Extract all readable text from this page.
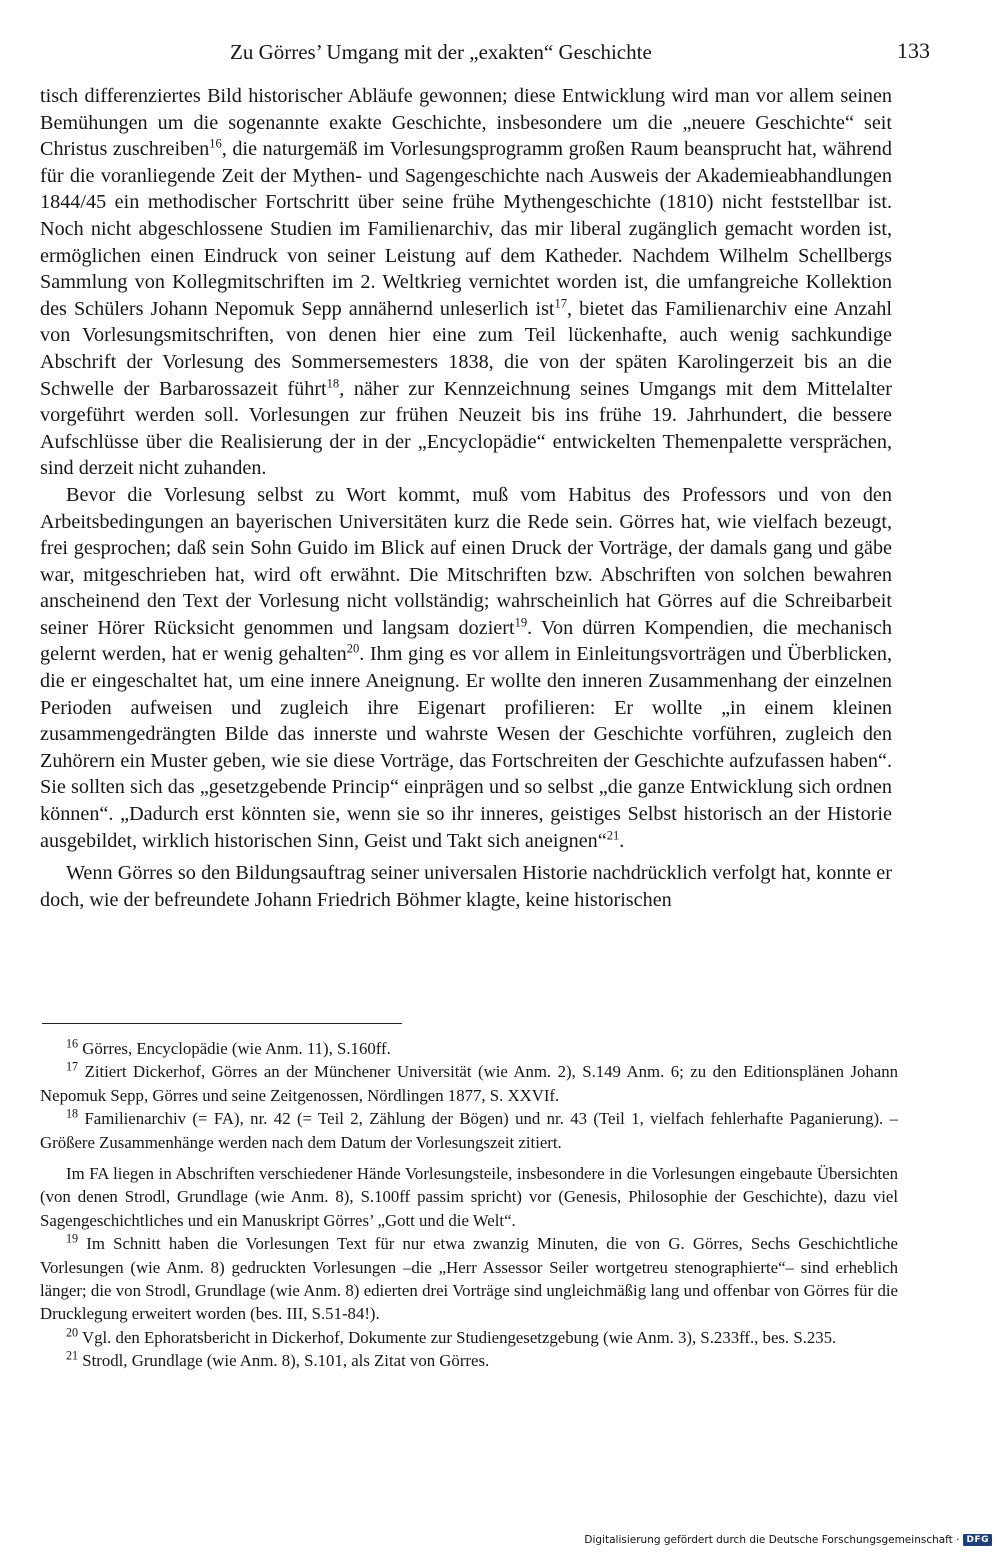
Zu Görres’ Umgang mit der „exakten“ Geschichte	133

tisch differenziertes Bild historischer Abläufe gewonnen; diese Entwicklung wird man vor allem seinen Bemühungen um die sogenannte exakte Geschichte, insbesondere um die „neuere Geschichte“ seit Christus zuschreiben$^{16}$, die naturgemäß im Vorlesungsprogramm großen Raum beansprucht hat, während für die voranliegende Zeit der Mythen- und Sagengeschichte nach Ausweis der Akademieabhandlungen 1844/45 ein methodischer Fortschritt über seine frühe Mythengeschichte (1810) nicht feststellbar ist. Noch nicht abgeschlossene Studien im Familienarchiv, das mir liberal zugänglich gemacht worden ist, ermöglichen einen Eindruck von seiner Leistung auf dem Katheder. Nachdem Wilhelm Schellbergs Sammlung von Kollegmitschriften im 2. Weltkrieg vernichtet worden ist, die umfangreiche Kollektion des Schülers Johann Nepomuk Sepp annähernd unleserlich ist$^{17}$, bietet das Familienarchiv eine Anzahl von Vorlesungsmitschriften, von denen hier eine zum Teil lückenhafte, auch wenig sachkundige Abschrift der Vorlesung des Sommersemesters 1838, die von der späten Karolingerzeit bis an die Schwelle der Barbarossazeit führt$^{18}$, näher zur Kennzeichnung seines Umgangs mit dem Mittelalter vorgeführt werden soll. Vorlesungen zur frühen Neuzeit bis ins frühe 19. Jahrhundert, die bessere Aufschlüsse über die Realisierung der in der „Encyclopädie“ entwickelten Themenpalette versprächen, sind derzeit nicht zuhanden.

Bevor die Vorlesung selbst zu Wort kommt, muß vom Habitus des Professors und von den Arbeitsbedingungen an bayerischen Universitäten kurz die Rede sein. Görres hat, wie vielfach bezeugt, frei gesprochen; daß sein Sohn Guido im Blick auf einen Druck der Vorträge, der damals gang und gäbe war, mitgeschrieben hat, wird oft erwähnt. Die Mitschriften bzw. Abschriften von solchen bewahren anscheinend den Text der Vorlesung nicht vollständig; wahrscheinlich hat Görres auf die Schreibarbeit seiner Hörer Rücksicht genommen und langsam doziert$^{19}$. Von dürren Kompendien, die mechanisch gelernt werden, hat er wenig gehalten$^{20}$. Ihm ging es vor allem in Einleitungsvorträgen und Überblicken, die er eingeschaltet hat, um eine innere Aneignung. Er wollte den inneren Zusammenhang der einzelnen Perioden aufweisen und zugleich ihre Eigenart profilieren: Er wollte „in einem kleinen zusammengedrängten Bilde das innerste und wahrste Wesen der Geschichte vorführen, zugleich den Zuhörern ein Muster geben, wie sie diese Vorträge, das Fortschreiten der Geschichte aufzufassen haben“. Sie sollten sich das „gesetzgebende Princip“ einprägen und so selbst „die ganze Entwicklung sich ordnen können“. „Dadurch erst könnten sie, wenn sie so ihr inneres, geistiges Selbst historisch an der Historie ausgebildet, wirklich historischen Sinn, Geist und Takt sich aneignen“$^{21}$.

Wenn Görres so den Bildungsauftrag seiner universalen Historie nachdrücklich verfolgt hat, konnte er doch, wie der befreundete Johann Friedrich Böhmer klagte, keine historischen

$^{16}$ Görres, Encyclopädie (wie Anm. 11), S.160ff.

$^{17}$ Zitiert Dickerhof, Görres an der Münchener Universität (wie Anm. 2), S.149 Anm. 6; zu den Editionsplänen Johann Nepomuk Sepp, Görres und seine Zeitgenossen, Nördlingen 1877, S. XXVIf.

$^{18}$ Familienarchiv (= FA), nr. 42 (= Teil 2, Zählung der Bögen) und nr. 43 (Teil 1, vielfach fehlerhafte Paganierung). – Größere Zusammenhänge werden nach dem Datum der Vorlesungszeit zitiert.

Im FA liegen in Abschriften verschiedener Hände Vorlesungsteile, insbesondere in die Vorlesungen eingebaute Übersichten (von denen Strodl, Grundlage (wie Anm. 8), S.100ff passim spricht) vor (Genesis, Philosophie der Geschichte), dazu viel Sagengeschichtliches und ein Manuskript Görres’ „Gott und die Welt“.

$^{19}$ Im Schnitt haben die Vorlesungen Text für nur etwa zwanzig Minuten, die von G. Görres, Sechs Geschichtliche Vorlesungen (wie Anm. 8) gedruckten Vorlesungen –die „Herr Assessor Seiler wortgetreu stenographierte“– sind erheblich länger; die von Strodl, Grundlage (wie Anm. 8) edierten drei Vorträge sind ungleichmäßig lang und offenbar von Görres für die Drucklegung erweitert worden (bes. III, S.51-84!).

$^{20}$ Vgl. den Ephoratsbericht in Dickerhof, Dokumente zur Studiengesetzgebung (wie Anm. 3), S.233ff., bes. S.235.

$^{21}$ Strodl, Grundlage (wie Anm. 8), S.101, als Zitat von Görres.

Digitalisierung gefördert durch die Deutsche Forschungsgemeinschaft · DFG
